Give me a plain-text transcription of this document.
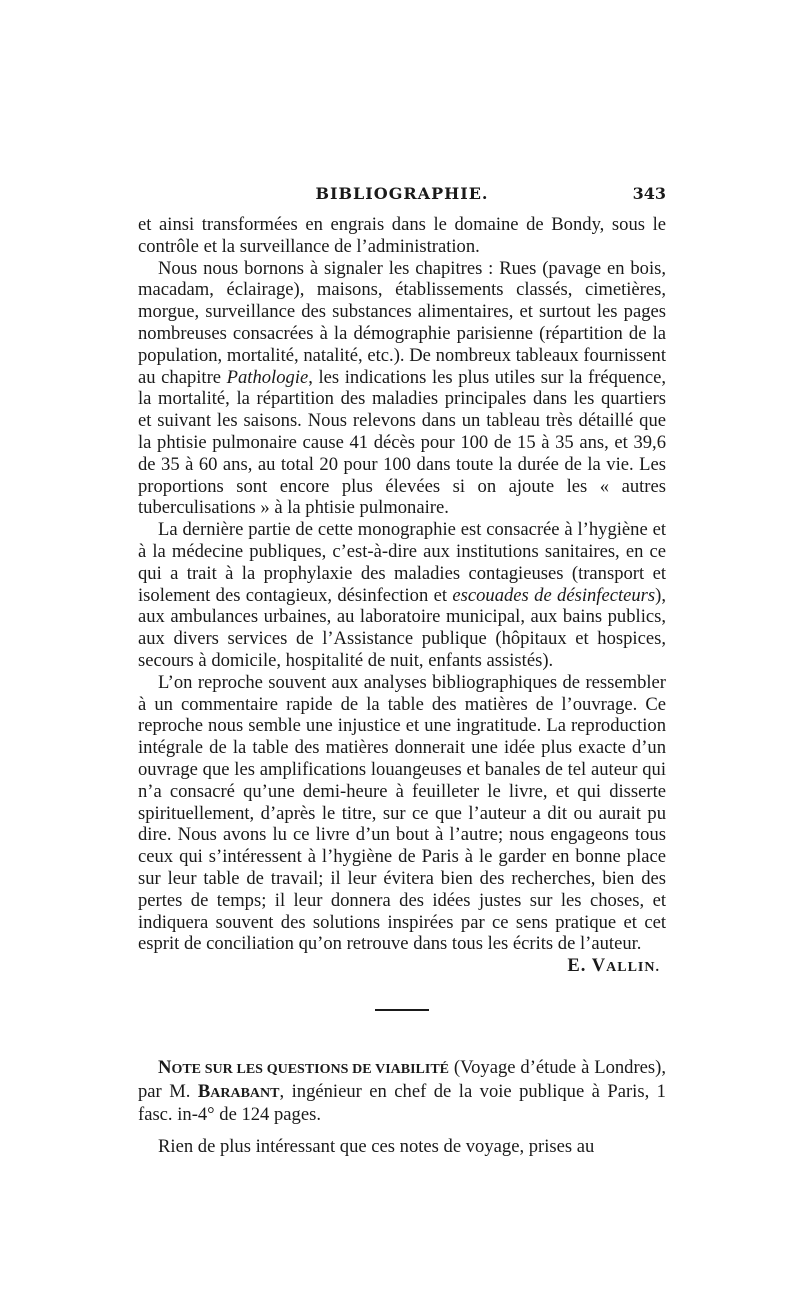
BIBLIOGRAPHIE.	343

et ainsi transformées en engrais dans le domaine de Bondy, sous le contrôle et la surveillance de l’administration.

Nous nous bornons à signaler les chapitres : Rues (pavage en bois, macadam, éclairage), maisons, établissements classés, cimetières, morgue, surveillance des substances alimentaires, et surtout les pages nombreuses consacrées à la démographie parisienne (répartition de la population, mortalité, natalité, etc.). De nombreux tableaux fournissent au chapitre Pathologie, les indications les plus utiles sur la fréquence, la mortalité, la répartition des maladies principales dans les quartiers et suivant les saisons. Nous relevons dans un tableau très détaillé que la phtisie pulmonaire cause 41 décès pour 100 de 15 à 35 ans, et 39,6 de 35 à 60 ans, au total 20 pour 100 dans toute la durée de la vie. Les proportions sont encore plus élevées si on ajoute les « autres tuberculisations » à la phtisie pulmonaire.

La dernière partie de cette monographie est consacrée à l’hygiène et à la médecine publiques, c’est-à-dire aux institutions sanitaires, en ce qui a trait à la prophylaxie des maladies contagieuses (transport et isolement des contagieux, désinfection et escouades de désinfecteurs), aux ambulances urbaines, au laboratoire municipal, aux bains publics, aux divers services de l’Assistance publique (hôpitaux et hospices, secours à domicile, hospitalité de nuit, enfants assistés).

L’on reproche souvent aux analyses bibliographiques de ressembler à un commentaire rapide de la table des matières de l’ouvrage. Ce reproche nous semble une injustice et une ingratitude. La reproduction intégrale de la table des matières donnerait une idée plus exacte d’un ouvrage que les amplifications louangeuses et banales de tel auteur qui n’a consacré qu’une demi-heure à feuilleter le livre, et qui disserte spirituellement, d’après le titre, sur ce que l’auteur a dit ou aurait pu dire. Nous avons lu ce livre d’un bout à l’autre; nous engageons tous ceux qui s’intéressent à l’hygiène de Paris à le garder en bonne place sur leur table de travail; il leur évitera bien des recherches, bien des pertes de temps; il leur donnera des idées justes sur les choses, et indiquera souvent des solutions inspirées par ce sens pratique et cet esprit de conciliation qu’on retrouve dans tous les écrits de l’auteur.

E. VALLIN.

NOTE SUR LES QUESTIONS DE VIABILITÉ (Voyage d’étude à Londres), par M. BARABANT, ingénieur en chef de la voie publique à Paris, 1 fasc. in-4° de 124 pages.

Rien de plus intéressant que ces notes de voyage, prises au
